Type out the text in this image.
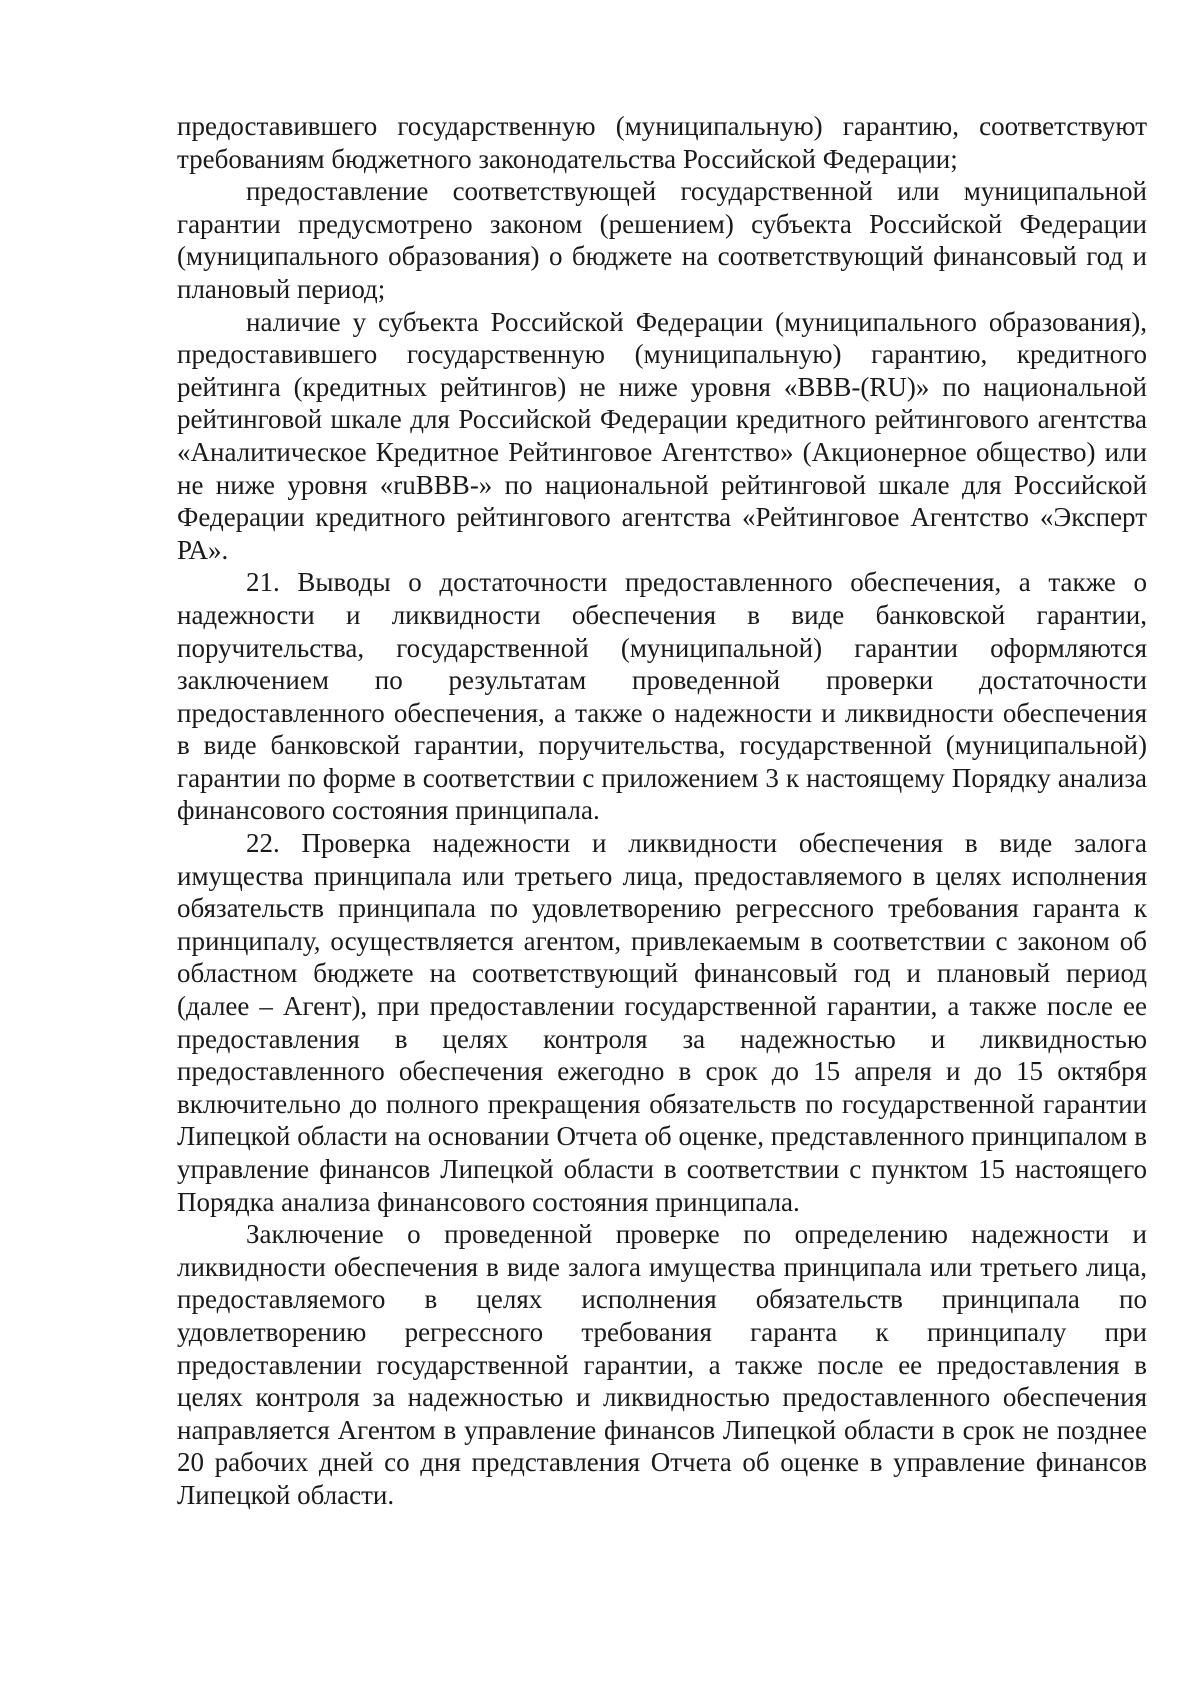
предоставившего государственную (муниципальную) гарантию, соответствуют требованиям бюджетного законодательства Российской Федерации;

предоставление соответствующей государственной или муниципальной гарантии предусмотрено законом (решением) субъекта Российской Федерации (муниципального образования) о бюджете на соответствующий финансовый год и плановый период;

наличие у субъекта Российской Федерации (муниципального образования), предоставившего государственную (муниципальную) гарантию, кредитного рейтинга (кредитных рейтингов) не ниже уровня «BBB-(RU)» по национальной рейтинговой шкале для Российской Федерации кредитного рейтингового агентства «Аналитическое Кредитное Рейтинговое Агентство» (Акционерное общество) или не ниже уровня «ruBBB-» по национальной рейтинговой шкале для Российской Федерации кредитного рейтингового агентства «Рейтинговое Агентство «Эксперт РА».

21. Выводы о достаточности предоставленного обеспечения, а также о надежности и ликвидности обеспечения в виде банковской гарантии, поручительства, государственной (муниципальной) гарантии оформляются заключением по результатам проведенной проверки достаточности предоставленного обеспечения, а также о надежности и ликвидности обеспечения в виде банковской гарантии, поручительства, государственной (муниципальной) гарантии по форме в соответствии с приложением 3 к настоящему Порядку анализа финансового состояния принципала.

22. Проверка надежности и ликвидности обеспечения в виде залога имущества принципала или третьего лица, предоставляемого в целях исполнения обязательств принципала по удовлетворению регрессного требования гаранта к принципалу, осуществляется агентом, привлекаемым в соответствии с законом об областном бюджете на соответствующий финансовый год и плановый период (далее – Агент), при предоставлении государственной гарантии, а также после ее предоставления в целях контроля за надежностью и ликвидностью предоставленного обеспечения ежегодно в срок до 15 апреля и до 15 октября включительно до полного прекращения обязательств по государственной гарантии Липецкой области на основании Отчета об оценке, представленного принципалом в управление финансов Липецкой области в соответствии с пунктом 15 настоящего Порядка анализа финансового состояния принципала.

Заключение о проведенной проверке по определению надежности и ликвидности обеспечения в виде залога имущества принципала или третьего лица, предоставляемого в целях исполнения обязательств принципала по удовлетворению регрессного требования гаранта к принципалу при предоставлении государственной гарантии, а также после ее предоставления в целях контроля за надежностью и ликвидностью предоставленного обеспечения направляется Агентом в управление финансов Липецкой области в срок не позднее 20 рабочих дней со дня представления Отчета об оценке в управление финансов Липецкой области.
